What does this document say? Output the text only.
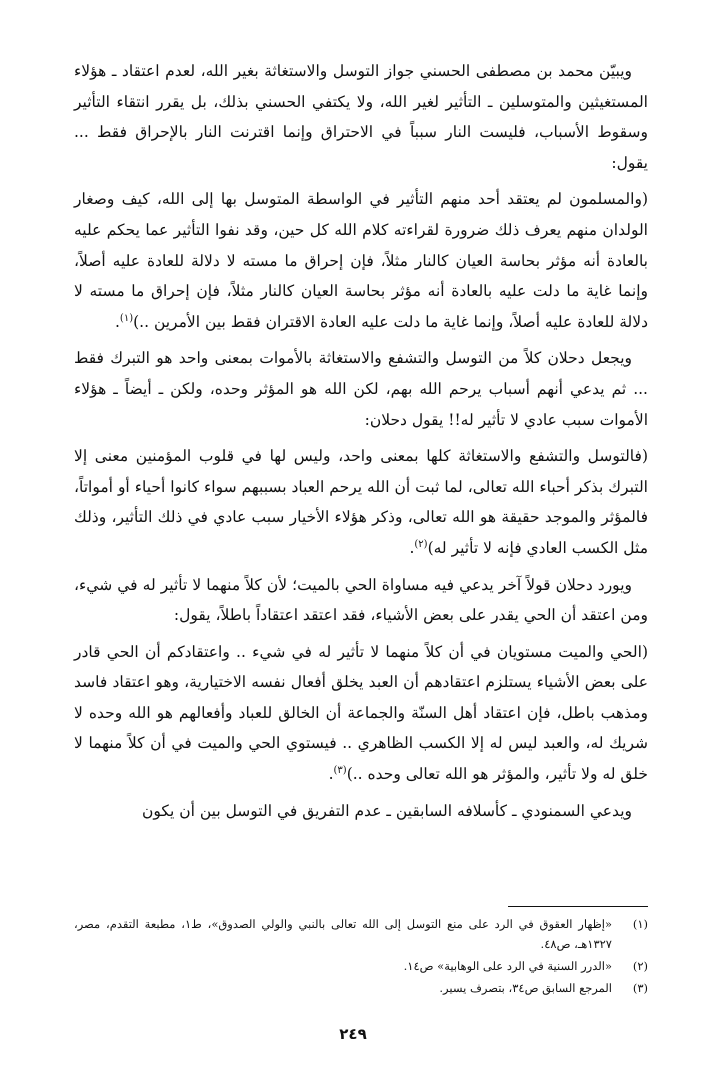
ويبيّن محمد بن مصطفى الحسني جواز التوسل والاستغاثة بغير الله، لعدم اعتقاد ـ هؤلاء المستغيثين والمتوسلين ـ التأثير لغير الله، ولا يكتفي الحسني بذلك، بل يقرر انتقاء التأثير وسقوط الأسباب، فليست النار سبباً في الاحتراق وإنما اقترنت النار بالإحراق فقط ... يقول:

(والمسلمون لم يعتقد أحد منهم التأثير في الواسطة المتوسل بها إلى الله، كيف وصغار الولدان منهم يعرف ذلك ضرورة لقراءته كلام الله كل حين، وقد نفوا التأثير عما يحكم عليه بالعادة أنه مؤثر بحاسة العيان كالنار مثلاً، فإن إحراق ما مسته لا دلالة للعادة عليه أصلاً، وإنما غاية ما دلت عليه بالعادة أنه مؤثر بحاسة العيان كالنار مثلاً، فإن إحراق ما مسته لا دلالة للعادة عليه أصلاً، وإنما غاية ما دلت عليه العادة الاقتران فقط بين الأمرين ..)$^{(١)}$.

ويجعل دحلان كلاً من التوسل والتشفع والاستغاثة بالأموات بمعنى واحد هو التبرك فقط ... ثم يدعي أنهم أسباب يرحم الله بهم، لكن الله هو المؤثر وحده، ولكن ـ أيضاً ـ هؤلاء الأموات سبب عادي لا تأثير له!! يقول دحلان:

(فالتوسل والتشفع والاستغاثة كلها بمعنى واحد، وليس لها في قلوب المؤمنين معنى إلا التبرك بذكر أحباء الله تعالى، لما ثبت أن الله يرحم العباد بسببهم سواء كانوا أحياء أو أمواتاً، فالمؤثر والموجد حقيقة هو الله تعالى، وذكر هؤلاء الأخيار سبب عادي في ذلك التأثير، وذلك مثل الكسب العادي فإنه لا تأثير له)$^{(٢)}$.

ويورد دحلان قولاً آخر يدعي فيه مساواة الحي بالميت؛ لأن كلاً منهما لا تأثير له في شيء، ومن اعتقد أن الحي يقدر على بعض الأشياء، فقد اعتقد اعتقاداً باطلاً، يقول:

(الحي والميت مستويان في أن كلاً منهما لا تأثير له في شيء .. واعتقادكم أن الحي قادر على بعض الأشياء يستلزم اعتقادهم أن العبد يخلق أفعال نفسه الاختيارية، وهو اعتقاد فاسد ومذهب باطل، فإن اعتقاد أهل السنّة والجماعة أن الخالق للعباد وأفعالهم هو الله وحده لا شريك له، والعبد ليس له إلا الكسب الظاهري .. فيستوي الحي والميت في أن كلاً منهما لا خلق له ولا تأثير، والمؤثر هو الله تعالى وحده ..)$^{(٣)}$.

ويدعي السمنودي ـ كأسلافه السابقين ـ عدم التفريق في التوسل بين أن يكون

(١)
«إظهار العقوق في الرد على منع التوسل إلى الله تعالى بالنبي والولي الصدوق»، ط١، مطبعة التقدم، مصر، ١٣٢٧هـ، ص٤٨.
(٢)
«الدرر السنية في الرد على الوهابية» ص١٤.
(٣)
المرجع السابق ص٣٤، بتصرف يسير.
٢٤٩
